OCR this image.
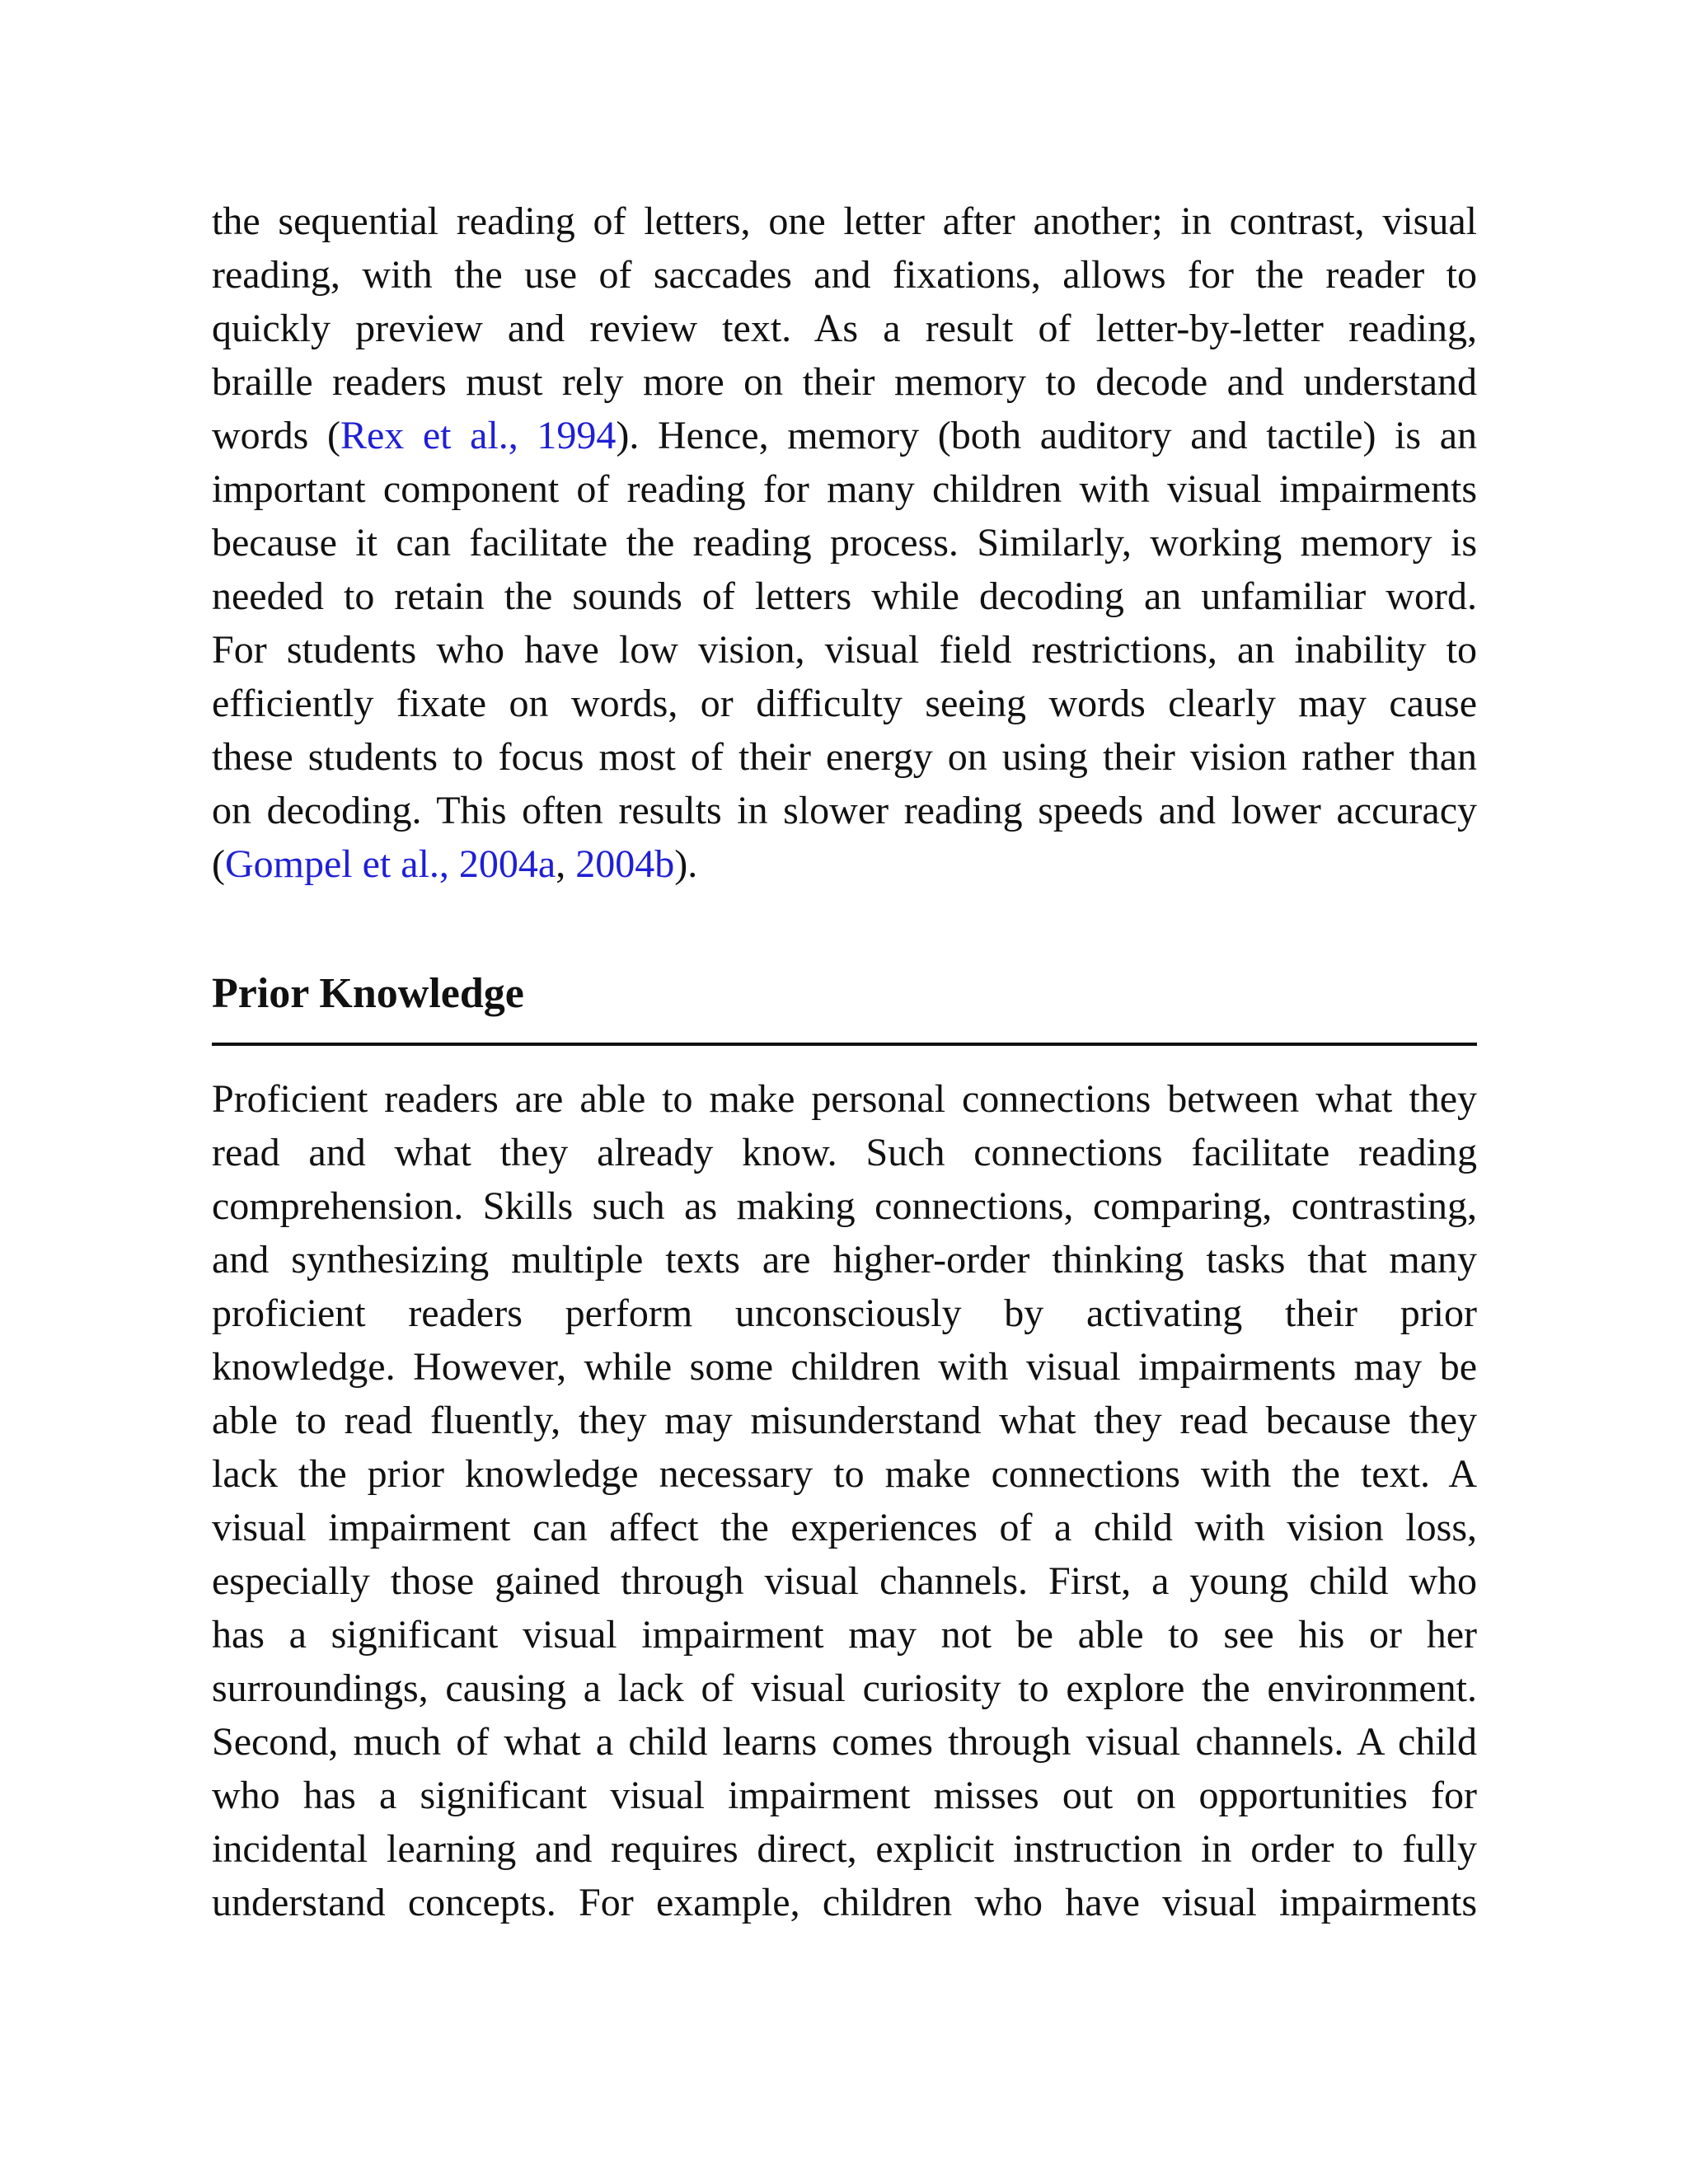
the sequential reading of letters, one letter after another; in contrast, visual
reading, with the use of saccades and fixations, allows for the reader to
quickly preview and review text. As a result of letter-by-letter reading,
braille readers must rely more on their memory to decode and understand
words (Rex et al., 1994). Hence, memory (both auditory and tactile) is an
important component of reading for many children with visual impairments
because it can facilitate the reading process. Similarly, working memory is
needed to retain the sounds of letters while decoding an unfamiliar word.
For students who have low vision, visual field restrictions, an inability to
efficiently fixate on words, or difficulty seeing words clearly may cause
these students to focus most of their energy on using their vision rather than
on decoding. This often results in slower reading speeds and lower accuracy
(Gompel et al., 2004a, 2004b).
Prior Knowledge
Proficient readers are able to make personal connections between what they
read and what they already know. Such connections facilitate reading
comprehension. Skills such as making connections, comparing, contrasting,
and synthesizing multiple texts are higher-order thinking tasks that many
proficient readers perform unconsciously by activating their prior
knowledge. However, while some children with visual impairments may be
able to read fluently, they may misunderstand what they read because they
lack the prior knowledge necessary to make connections with the text. A
visual impairment can affect the experiences of a child with vision loss,
especially those gained through visual channels. First, a young child who
has a significant visual impairment may not be able to see his or her
surroundings, causing a lack of visual curiosity to explore the environment.
Second, much of what a child learns comes through visual channels. A child
who has a significant visual impairment misses out on opportunities for
incidental learning and requires direct, explicit instruction in order to fully
understand concepts. For example, children who have visual impairments
